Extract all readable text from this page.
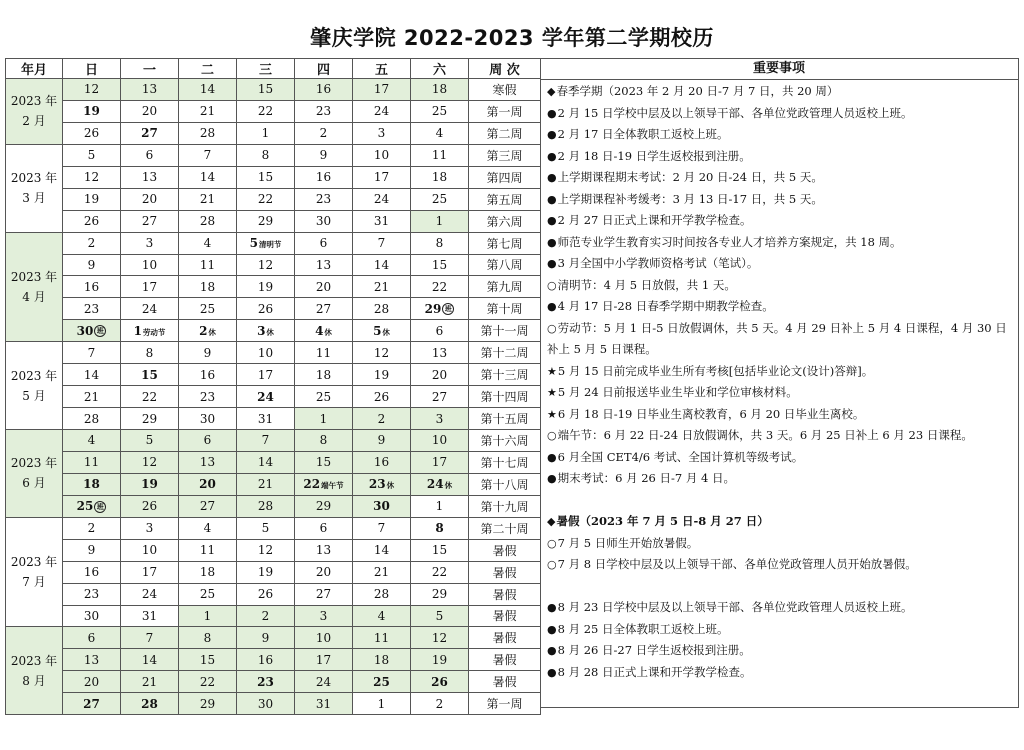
肇庆学院 2022-2023 学年第二学期校历
年月	日	一	二	三	四	五	六	周 次
2023 年 2 月	12	13	14	15	16	17	18	寒假
	19	20	21	22	23	24	25	第一周
	26	27	28	1	2	3	4	第二周
2023 年 3 月	5	6	7	8	9	10	11	第三周
	12	13	14	15	16	17	18	第四周
	19	20	21	22	23	24	25	第五周
	26	27	28	29	30	31	1	第六周
2023 年 4 月	2	3	4	5清明节	6	7	8	第七周
	9	10	11	12	13	14	15	第八周
	16	17	18	19	20	21	22	第九周
	23	24	25	26	27	28	29 班	第十周
	30 班	1劳动节	2休	3休	4休	5休	6	第十一周
2023 年 5 月	7	8	9	10	11	12	13	第十二周
	14	15	16	17	18	19	20	第十三周
	21	22	23	24	25	26	27	第十四周
	28	29	30	31	1	2	3	第十五周
2023 年 6 月	4	5	6	7	8	9	10	第十六周
	11	12	13	14	15	16	17	第十七周
	18	19	20	21	22端午节	23休	24休	第十八周
	25 班	26	27	28	29	30	1	第十九周
2023 年 7 月	2	3	4	5	6	7	8	第二十周
	9	10	11	12	13	14	15	暑假
	16	17	18	19	20	21	22	暑假
	23	24	25	26	27	28	29	暑假
	30	31	1	2	3	4	5	暑假
2023 年 8 月	6	7	8	9	10	11	12	暑假
	13	14	15	16	17	18	19	暑假
	20	21	22	23	24	25	26	暑假
	27	28	29	30	31	1	2	第一周
重要事项
◆春季学期（2023 年 2 月 20 日-7 月 7 日，共 20 周）
●2 月 15 日学校中层及以上领导干部、各单位党政管理人员返校上班。
●2 月 17 日全体教职工返校上班。
●2 月 18 日-19 日学生返校报到注册。
●上学期课程期末考试：2 月 20 日-24 日，共 5 天。
●上学期课程补考缓考：3 月 13 日-17 日，共 5 天。
●2 月 27 日正式上课和开学教学检查。
●师范专业学生教育实习时间按各专业人才培养方案规定，共 18 周。
●3 月全国中小学教师资格考试（笔试）。
○清明节：4 月 5 日放假，共 1 天。
●4 月 17 日-28 日春季学期中期教学检查。
○劳动节：5 月 1 日-5 日放假调休，共 5 天。4 月 29 日补上 5 月 4 日课程，4 月 30 日补上 5 月 5 日课程。
★5 月 15 日前完成毕业生所有考核[包括毕业论文(设计)答辩]。
★5 月 24 日前报送毕业生毕业和学位审核材料。
★6 月 18 日-19 日毕业生离校教育，6 月 20 日毕业生离校。
○端午节：6 月 22 日-24 日放假调休，共 3 天。6 月 25 日补上 6 月 23 日课程。
●6 月全国 CET4/6 考试、全国计算机等级考试。
●期末考试：6 月 26 日-7 月 4 日。
◆暑假（2023 年 7 月 5 日-8 月 27 日）
○7 月 5 日师生开始放暑假。
○7 月 8 日学校中层及以上领导干部、各单位党政管理人员开始放暑假。
●8 月 23 日学校中层及以上领导干部、各单位党政管理人员返校上班。
●8 月 25 日全体教职工返校上班。
●8 月 26 日-27 日学生返校报到注册。
●8 月 28 日正式上课和开学教学检查。
